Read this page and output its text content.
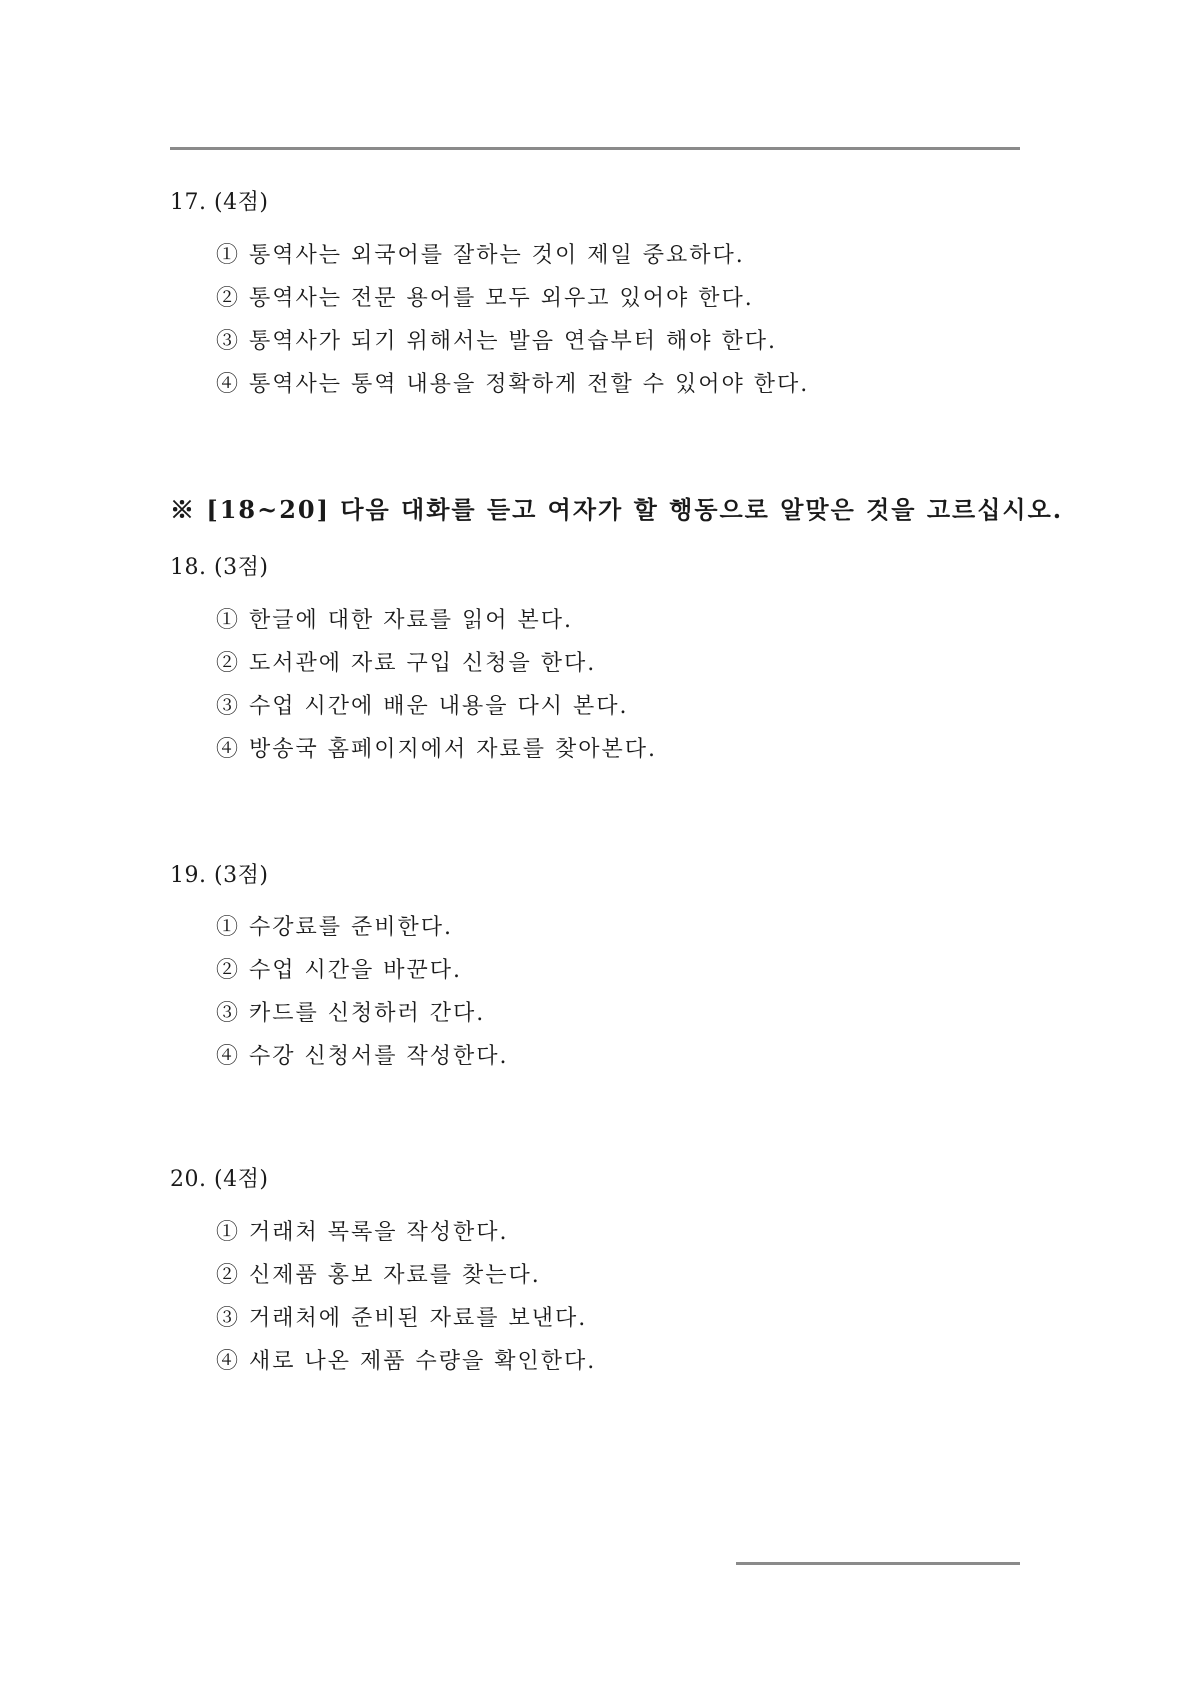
17. (4점)
① 통역사는 외국어를 잘하는 것이 제일 중요하다.
② 통역사는 전문 용어를 모두 외우고 있어야 한다.
③ 통역사가 되기 위해서는 발음 연습부터 해야 한다.
④ 통역사는 통역 내용을 정확하게 전할 수 있어야 한다.
※ [18~20] 다음 대화를 듣고 여자가 할 행동으로 알맞은 것을 고르십시오.
18. (3점)
① 한글에 대한 자료를 읽어 본다.
② 도서관에 자료 구입 신청을 한다.
③ 수업 시간에 배운 내용을 다시 본다.
④ 방송국 홈페이지에서 자료를 찾아본다.
19. (3점)
① 수강료를 준비한다.
② 수업 시간을 바꾼다.
③ 카드를 신청하러 간다.
④ 수강 신청서를 작성한다.
20. (4점)
① 거래처 목록을 작성한다.
② 신제품 홍보 자료를 찾는다.
③ 거래처에 준비된 자료를 보낸다.
④ 새로 나온 제품 수량을 확인한다.
